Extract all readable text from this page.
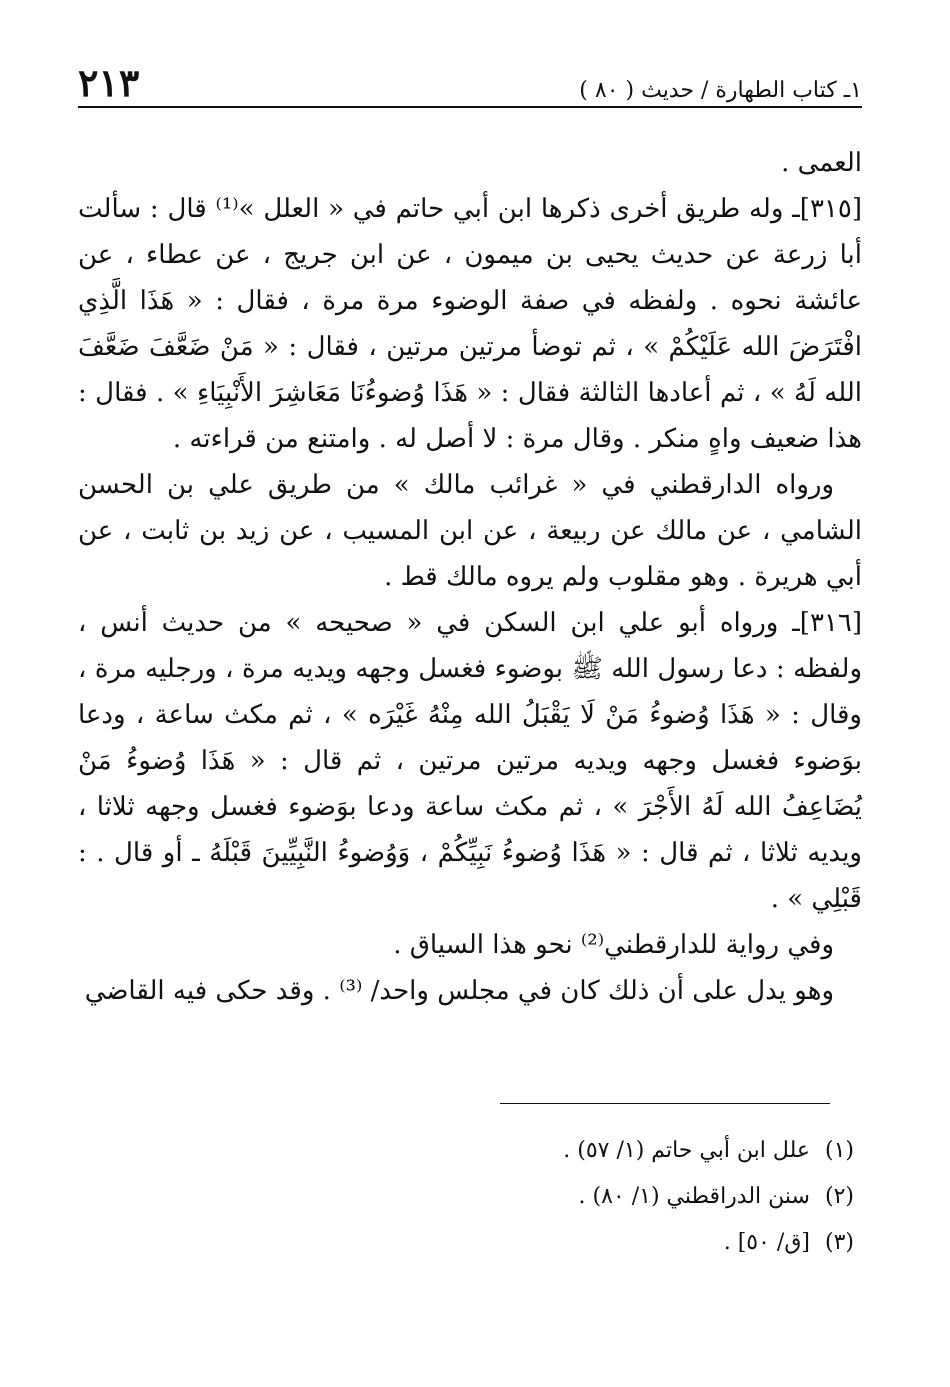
١ـ كتاب الطهارة / حديث ( ٨٠ )
٢١٣

العمى .

[٣١٥]ـ وله طريق أخرى ذكرها ابن أبي حاتم في « العلل »⁽¹⁾ قال : سألت أبا زرعة عن حديث يحيى بن ميمون ، عن ابن جريج ، عن عطاء ، عن عائشة نحوه . ولفظه في صفة الوضوء مرة مرة ، فقال : « هَذَا الَّذِي افْتَرَضَ الله عَلَيْكُمْ » ، ثم توضأ مرتين مرتين ، فقال : « مَنْ ضَعَّفَ ضَعَّفَ الله لَهُ » ، ثم أعادها الثالثة فقال : « هَذَا وُضوءُنَا مَعَاشِرَ الأَنْبِيَاءِ » . فقال : هذا ضعيف واهٍ منكر . وقال مرة : لا أصل له . وامتنع من قراءته .

ورواه الدارقطني في « غرائب مالك » من طريق علي بن الحسن الشامي ، عن مالك عن ربيعة ، عن ابن المسيب ، عن زيد بن ثابت ، عن أبي هريرة . وهو مقلوب ولم يروه مالك قط .

[٣١٦]ـ ورواه أبو علي ابن السكن في « صحيحه » من حديث أنس ، ولفظه : دعا رسول الله ﷺ بوضوء فغسل وجهه ويديه مرة ، ورجليه مرة ، وقال : « هَذَا وُضوءُ مَنْ لَا يَقْبَلُ الله مِنْهُ غَيْرَه » ، ثم مكث ساعة ، ودعا بوَضوء فغسل وجهه ويديه مرتين مرتين ، ثم قال : « هَذَا وُضوءُ مَنْ يُضَاعِفُ الله لَهُ الأَجْرَ » ، ثم مكث ساعة ودعا بوَضوء فغسل وجهه ثلاثا ، ويديه ثلاثا ، ثم قال : « هَذَا وُضوءُ نَبِيِّكُمْ ، وَوُضوءُ النَّبِيِّينَ قَبْلَهُ ـ أو قال . : قَبْلِي » .

وفي رواية للدارقطني⁽²⁾ نحو هذا السياق .

وهو يدل على أن ذلك كان في مجلس واحد/ ⁽³⁾ . وقد حكى فيه القاضي

(١) علل ابن أبي حاتم (١/ ٥٧) .
(٢) سنن الدراقطني (١/ ٨٠) .
(٣) [ق/ ٥٠] .
